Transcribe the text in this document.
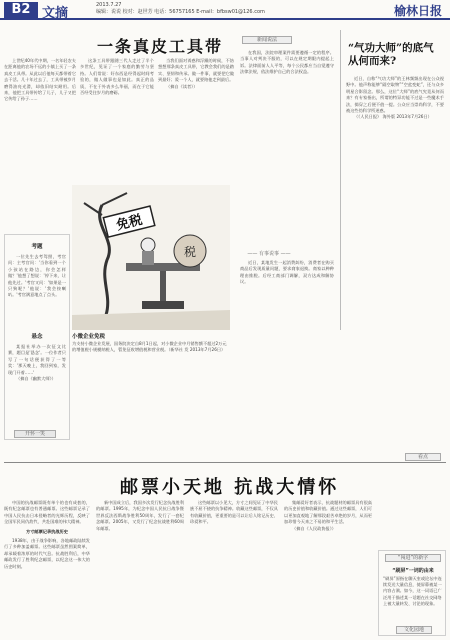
B2 文摘
2013.7.27
编辑：说说 校对：赵世芳 电话：56757165 E-mail：bfbsw01@126.com	榆林日报
一条真皮工具带

上世纪40年代中期，一名年轻农夫在距离他的农场不远的小镇上买了一条真皮工具带。从此以后他每天都带着它去干活。几十年过去了，工具带被岁月磨得油亮光滑，却依旧结实耐用。后来，他把工具带传给了儿子，儿子又把它传给了孙子……

这条工具带跟随三代人走过了半个多世纪，见证了一个家庭的勤劳与坚持。人们常说：好东西是经得起时间考验的，做人做事也是如此。真正的品质，不在于外表多么华丽，而在于它能否经受住岁月的磨砺。

当我们面对诱惑和浮躁的时候，不妨想想那条真皮工具带，它教会我们的是踏实、坚韧和传承。做一件事，就要把它做到最好；爱一个人，就要陪他走到最后。

（摘自《读者》）

考题

一位先生去考驾照，考官问：主考官问：'当你看到一个小孩站在路边，你会怎样做？'他想了想说：'停下来，让他先过。'考官又问：'如果是一只狗呢？'他说：'我会按喇叭。'考官满意地点了点头。

悬念

某报社举办一次征文比赛，题目是'悬念'。一位作者只写了一句话便获得了一等奖：'那天晚上，我回到家，发现门开着……'

（摘自《幽默大师》）

开怀一笑
免税
税
小微企业免税
为支持小微企业发展，国务院决定自8月1日起，对小微企业中月销售额不超过2万元的增值税小规模纳税人，暂免征收增值税和营业税。（新华社 发 2013年7月26日）
新闻说法

在我国，法院审理案件需要遵循一定的程序。当事人对判决不服的，可以在规定期限内提起上诉。法律面前人人平等，每个公民都应当自觉遵守法律法规，依法维护自己的合法权益。

—— 有事说事 ——

近日，某地发生一起消费纠纷，消费者在购买商品后发现质量问题，要求商家退换。商家以种种理由推脱。后经工商部门调解，双方达成和解协议。

“气功大师”的底气从何而来?

近日，自称“气功大师”的王林频频出现在公众视野中。他声称能够“隔空取物”“空盆变蛇”，还与众多明星合影留念。那么，这位“大师”的底气究竟从何而来？有专家指出，所谓的特异功能不过是一些魔术手法，揭穿之后便不值一提。公众应当崇尚科学，不要被这些伪科学所迷惑。

（《人民日报》 海外版 2013年7月26日）

看点
邮票小天地 抗战大情怀

中国的抗战邮票既有单个的也有成套的，既有纪念邮票也有普通邮票。这些邮票记录了中国人民抗击日本侵略者的光辉历程，反映了全国军民同仇敌忾、共赴国难的伟大精神。

方寸邮票记录抗战历史

1938年，由于战争影响，各地邮政陆续发行了多种加盖邮票。这些邮票虽然图案简单，却承载着浓厚的时代气息。抗战胜利后，中华邮政发行了胜利纪念邮票，以纪念这一伟大的历史时刻。

新中国成立后，我国多次发行纪念抗战胜利的邮票。1995年，为纪念中国人民抗日战争暨世界反法西斯战争胜利50周年，发行了一套纪念邮票。2005年，又发行了纪念抗战胜利60周年邮票。

这些邮票以小见大，方寸之间见证了中华民族不屈不挠的抗争精神。收藏这些邮票，不仅具有收藏价值，更重要的是可以让后人铭记历史、珍爱和平。

集邮爱好者表示，抗战题材的邮票具有很高的历史价值和收藏价值。通过这些邮票，人们可以更加直观地了解那段艰苦卓绝的岁月，从而更加珍惜今天来之不易的和平生活。

（摘自《人民政协报》）

“闯进”的新字
“刷屏”一词的由来
“刷屏”原指在聊天室或论坛中连续发送大量信息，使屏幕被某一内容占满。如今，这一词语已广泛用于描述某一话题在社交网络上被大量转发、讨论的现象。
文化园地
